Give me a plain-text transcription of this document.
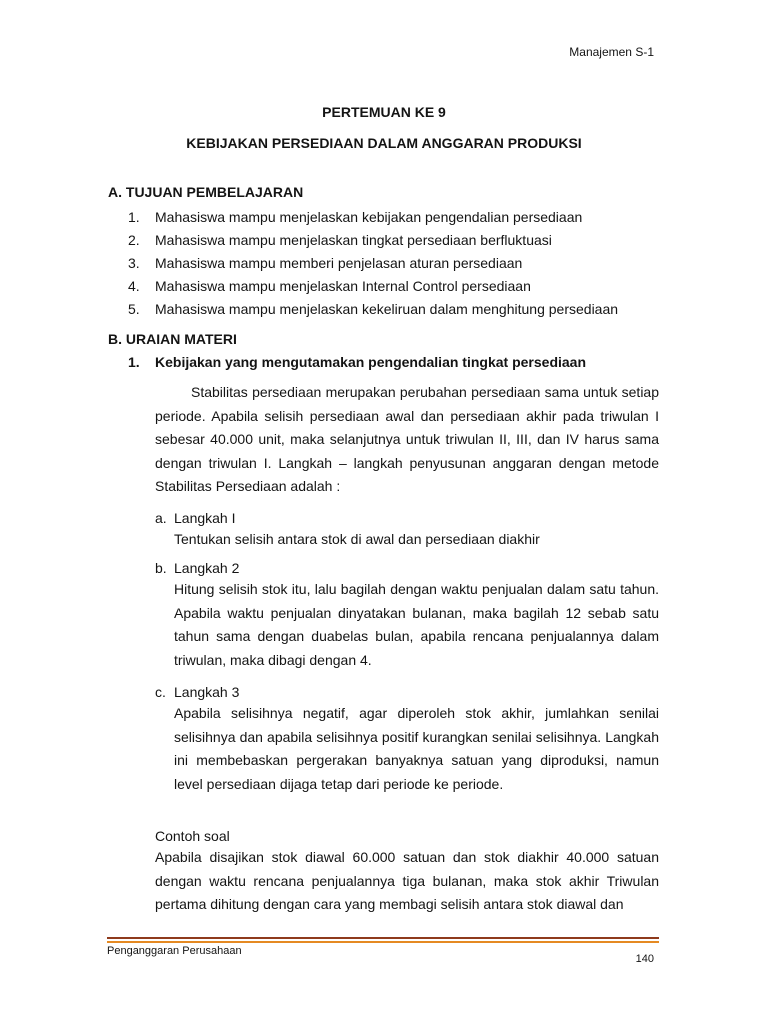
Manajemen S-1
PERTEMUAN KE 9
KEBIJAKAN PERSEDIAAN DALAM ANGGARAN PRODUKSI
A. TUJUAN PEMBELAJARAN
1. Mahasiswa mampu menjelaskan kebijakan pengendalian persediaan
2. Mahasiswa mampu menjelaskan tingkat persediaan berfluktuasi
3. Mahasiswa mampu memberi penjelasan aturan persediaan
4. Mahasiswa mampu menjelaskan Internal Control persediaan
5. Mahasiswa mampu menjelaskan kekeliruan dalam menghitung persediaan
B. URAIAN MATERI
1. Kebijakan yang mengutamakan pengendalian tingkat persediaan
Stabilitas persediaan merupakan perubahan persediaan sama untuk setiap periode. Apabila selisih persediaan awal dan persediaan akhir pada triwulan I sebesar 40.000 unit, maka selanjutnya untuk triwulan II, III, dan IV harus sama dengan triwulan I. Langkah – langkah penyusunan anggaran dengan metode Stabilitas Persediaan adalah :
a. Langkah I
Tentukan selisih antara stok di awal dan persediaan diakhir
b. Langkah 2
Hitung selisih stok itu, lalu bagilah dengan waktu penjualan dalam satu tahun. Apabila waktu penjualan dinyatakan bulanan, maka bagilah 12 sebab satu tahun sama dengan duabelas bulan, apabila rencana penjualannya dalam triwulan, maka dibagi dengan 4.
c. Langkah 3
Apabila selisihnya negatif, agar diperoleh stok akhir, jumlahkan senilai selisihnya dan apabila selisihnya positif kurangkan senilai selisihnya. Langkah ini membebaskan pergerakan banyaknya satuan yang diproduksi, namun level persediaan dijaga tetap dari periode ke periode.
Contoh soal
Apabila disajikan stok diawal 60.000 satuan dan stok diakhir 40.000 satuan dengan waktu rencana penjualannya tiga bulanan, maka stok akhir Triwulan pertama dihitung dengan cara yang membagi selisih antara stok diawal dan
Penganggaran Perusahaan
140
